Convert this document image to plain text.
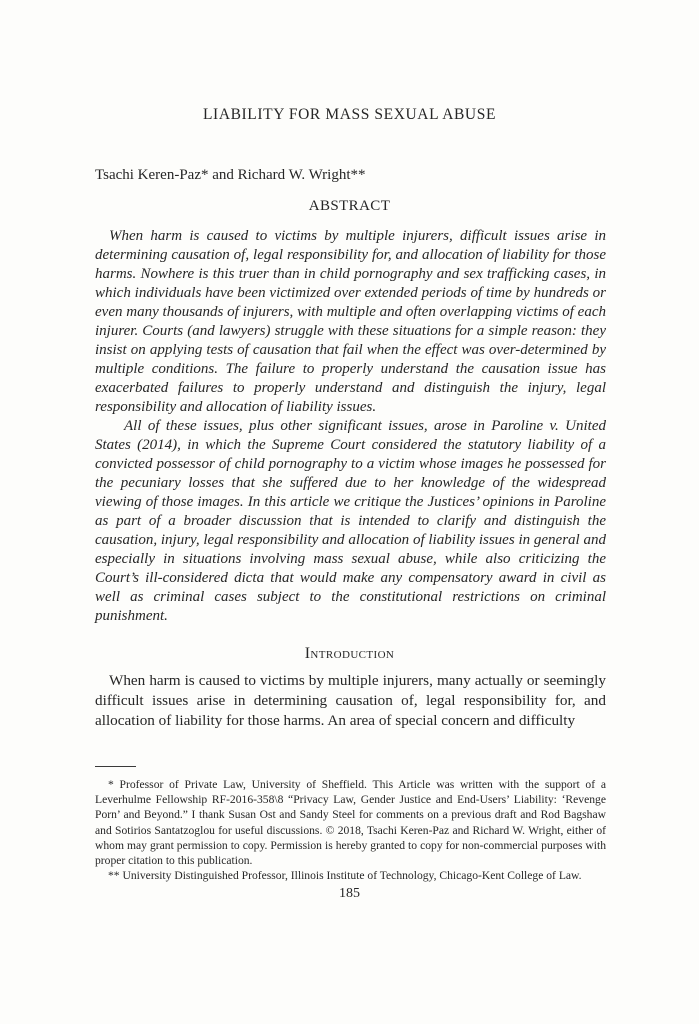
LIABILITY FOR MASS SEXUAL ABUSE
Tsachi Keren-Paz* and Richard W. Wright**
ABSTRACT

When harm is caused to victims by multiple injurers, difficult issues arise in determining causation of, legal responsibility for, and allocation of liability for those harms. Nowhere is this truer than in child pornography and sex trafficking cases, in which individuals have been victimized over extended periods of time by hundreds or even many thousands of injurers, with multiple and often overlapping victims of each injurer. Courts (and lawyers) struggle with these situations for a simple reason: they insist on applying tests of causation that fail when the effect was over-determined by multiple conditions. The failure to properly understand the causation issue has exacerbated failures to properly understand and distinguish the injury, legal responsibility and allocation of liability issues.

All of these issues, plus other significant issues, arose in Paroline v. United States (2014), in which the Supreme Court considered the statutory liability of a convicted possessor of child pornography to a victim whose images he possessed for the pecuniary losses that she suffered due to her knowledge of the widespread viewing of those images. In this article we critique the Justices’ opinions in Paroline as part of a broader discussion that is intended to clarify and distinguish the causation, injury, legal responsibility and allocation of liability issues in general and especially in situations involving mass sexual abuse, while also criticizing the Court’s ill-considered dicta that would make any compensatory award in civil as well as criminal cases subject to the constitutional restrictions on criminal punishment.

Introduction
When harm is caused to victims by multiple injurers, many actually or seemingly difficult issues arise in determining causation of, legal responsibility for, and allocation of liability for those harms. An area of special concern and difficulty

* Professor of Private Law, University of Sheffield. This Article was written with the support of a Leverhulme Fellowship RF-2016-358\8 “Privacy Law, Gender Justice and End-Users’ Liability: ‘Revenge Porn’ and Beyond.” I thank Susan Ost and Sandy Steel for comments on a previous draft and Rod Bagshaw and Sotirios Santatzoglou for useful discussions. © 2018, Tsachi Keren-Paz and Richard W. Wright, either of whom may grant permission to copy. Permission is hereby granted to copy for non-commercial purposes with proper citation to this publication.

** University Distinguished Professor, Illinois Institute of Technology, Chicago-Kent College of Law.

185
